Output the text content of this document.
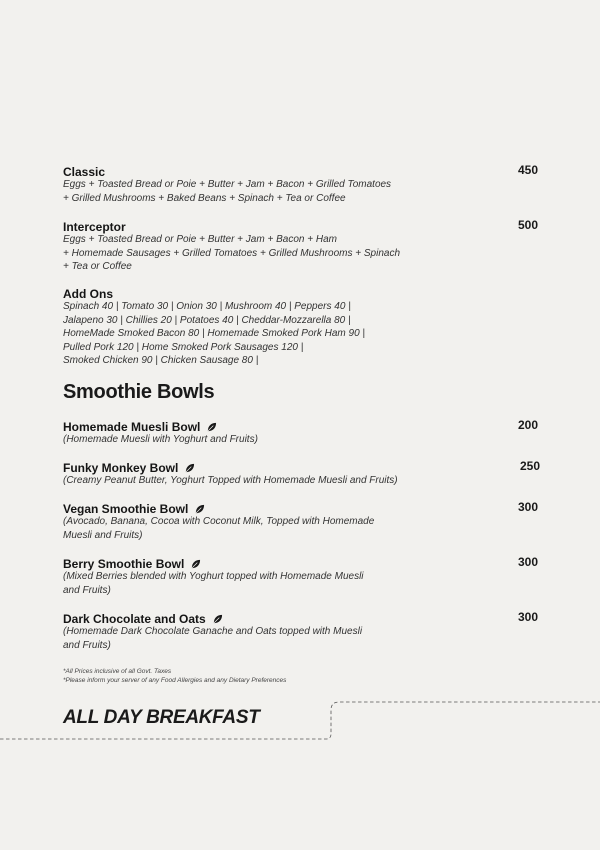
Classic	450
Eggs + Toasted Bread or Poie + Butter + Jam + Bacon + Grilled Tomatoes
+ Grilled Mushrooms + Baked Beans + Spinach + Tea or Coffee
Interceptor	500
Eggs + Toasted Bread or Poie + Butter + Jam + Bacon + Ham
+ Homemade Sausages + Grilled Tomatoes + Grilled Mushrooms + Spinach
+ Tea or Coffee
Add Ons
Spinach 40 | Tomato 30 | Onion 30 | Mushroom 40 | Peppers 40 |
Jalapeno 30 | Chillies 20 | Potatoes 40 | Cheddar-Mozzarella 80 |
HomeMade Smoked Bacon 80 | Homemade Smoked Pork Ham 90 |
Pulled Pork 120 | Home Smoked Pork Sausages 120 |
Smoked Chicken 90 | Chicken Sausage 80 |
Smoothie Bowls
Homemade Muesli Bowl	200
(Homemade Muesli with Yoghurt and Fruits)
Funky Monkey Bowl	250
(Creamy Peanut Butter, Yoghurt Topped with Homemade Muesli and Fruits)
Vegan Smoothie Bowl	300
(Avocado, Banana, Cocoa with Coconut Milk, Topped with Homemade
Muesli and Fruits)
Berry Smoothie Bowl	300
(Mixed Berries blended with Yoghurt topped with Homemade Muesli
and Fruits)
Dark Chocolate and Oats	300
(Homemade Dark Chocolate Ganache and Oats topped with Muesli
and Fruits)
*All Prices inclusive of all Govt. Taxes
*Please inform your server of any Food Allergies and any Dietary Preferences
ALL DAY BREAKFAST
